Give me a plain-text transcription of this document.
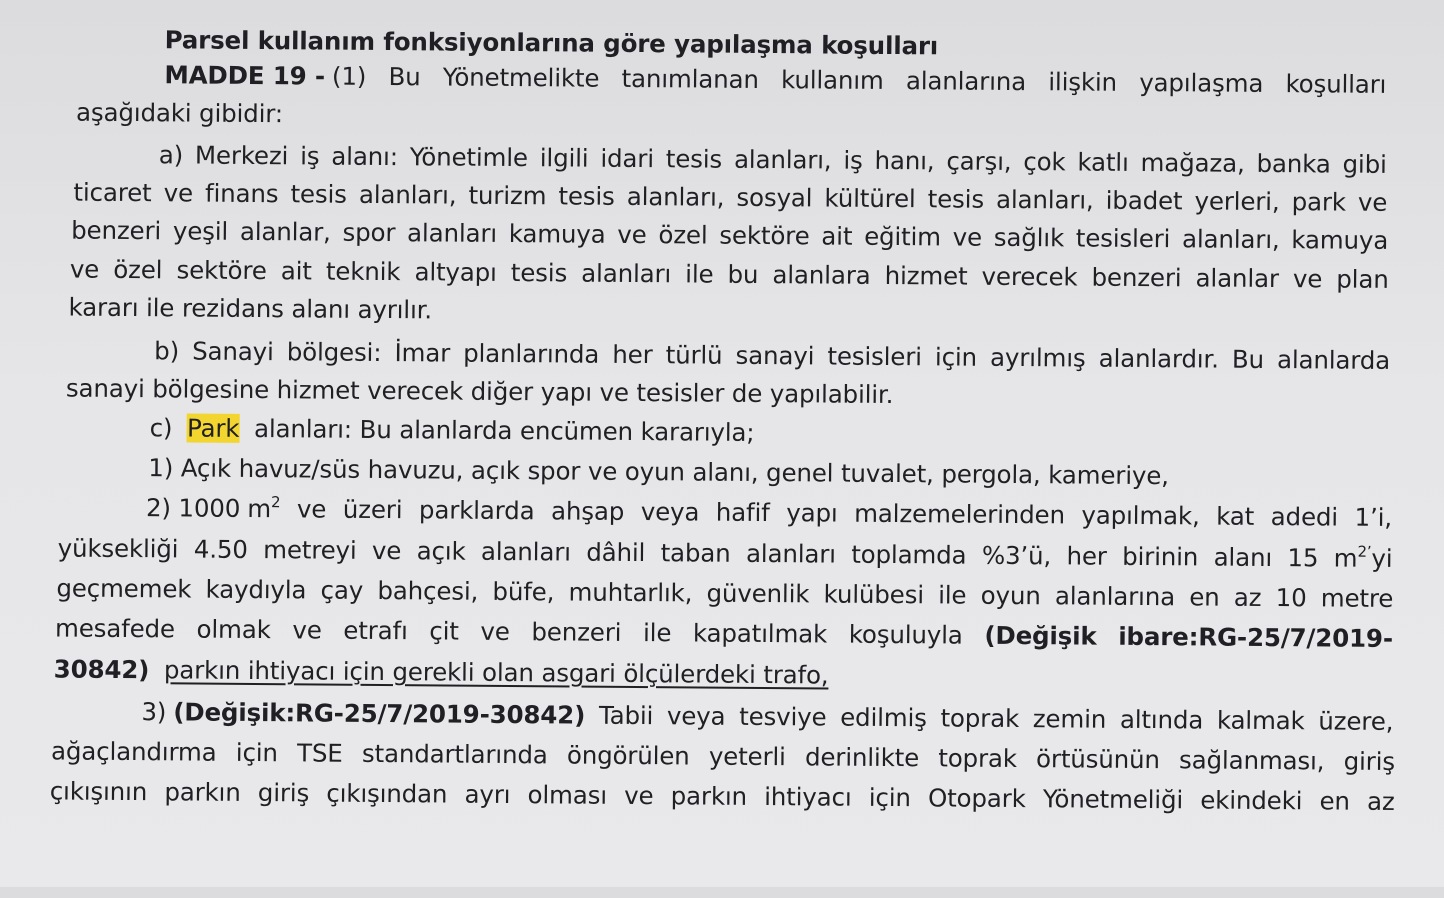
Parsel kullanım fonksiyonlarına göre yapılaşma koşulları
MADDE 19 - (1) Bu Yönetmelikte tanımlanan kullanım alanlarına ilişkin yapılaşma koşulları
aşağıdaki gibidir:
a) Merkezi iş alanı: Yönetimle ilgili idari tesis alanları, iş hanı, çarşı, çok katlı mağaza, banka gibi
ticaret ve finans tesis alanları, turizm tesis alanları, sosyal kültürel tesis alanları, ibadet yerleri, park ve
benzeri yeşil alanlar, spor alanları kamuya ve özel sektöre ait eğitim ve sağlık tesisleri alanları, kamuya
ve özel sektöre ait teknik altyapı tesis alanları ile bu alanlara hizmet verecek benzeri alanlar ve plan
kararı ile rezidans alanı ayrılır.
b) Sanayi bölgesi: İmar planlarında her türlü sanayi tesisleri için ayrılmış alanlardır. Bu alanlarda
sanayi bölgesine hizmet verecek diğer yapı ve tesisler de yapılabilir.
c) Park alanları: Bu alanlarda encümen kararıyla;
1) Açık havuz/süs havuzu, açık spor ve oyun alanı, genel tuvalet, pergola, kameriye,
2) 1000 $m^2$ ve üzeri parklarda ahşap veya hafif yapı malzemelerinden yapılmak, kat adedi 1’i,
yüksekliği 4.50 metreyi ve açık alanları dâhil taban alanları toplamda %3’ü, her birinin alanı 15 $m^{2’}yi$
geçmemek kaydıyla çay bahçesi, büfe, muhtarlık, güvenlik kulübesi ile oyun alanlarına en az 10 metre
mesafede olmak ve etrafı çit ve benzeri ile kapatılmak koşuluyla (Değişik ibare:RG-25/7/2019-
30842) parkın ihtiyacı için gerekli olan asgari ölçülerdeki trafo,
3) (Değişik:RG-25/7/2019-30842) Tabii veya tesviye edilmiş toprak zemin altında kalmak üzere,
ağaçlandırma için TSE standartlarında öngörülen yeterli derinlikte toprak örtüsünün sağlanması, giriş
çıkışının parkın giriş çıkışından ayrı olması ve parkın ihtiyacı için Otopark Yönetmeliği ekindeki en az
